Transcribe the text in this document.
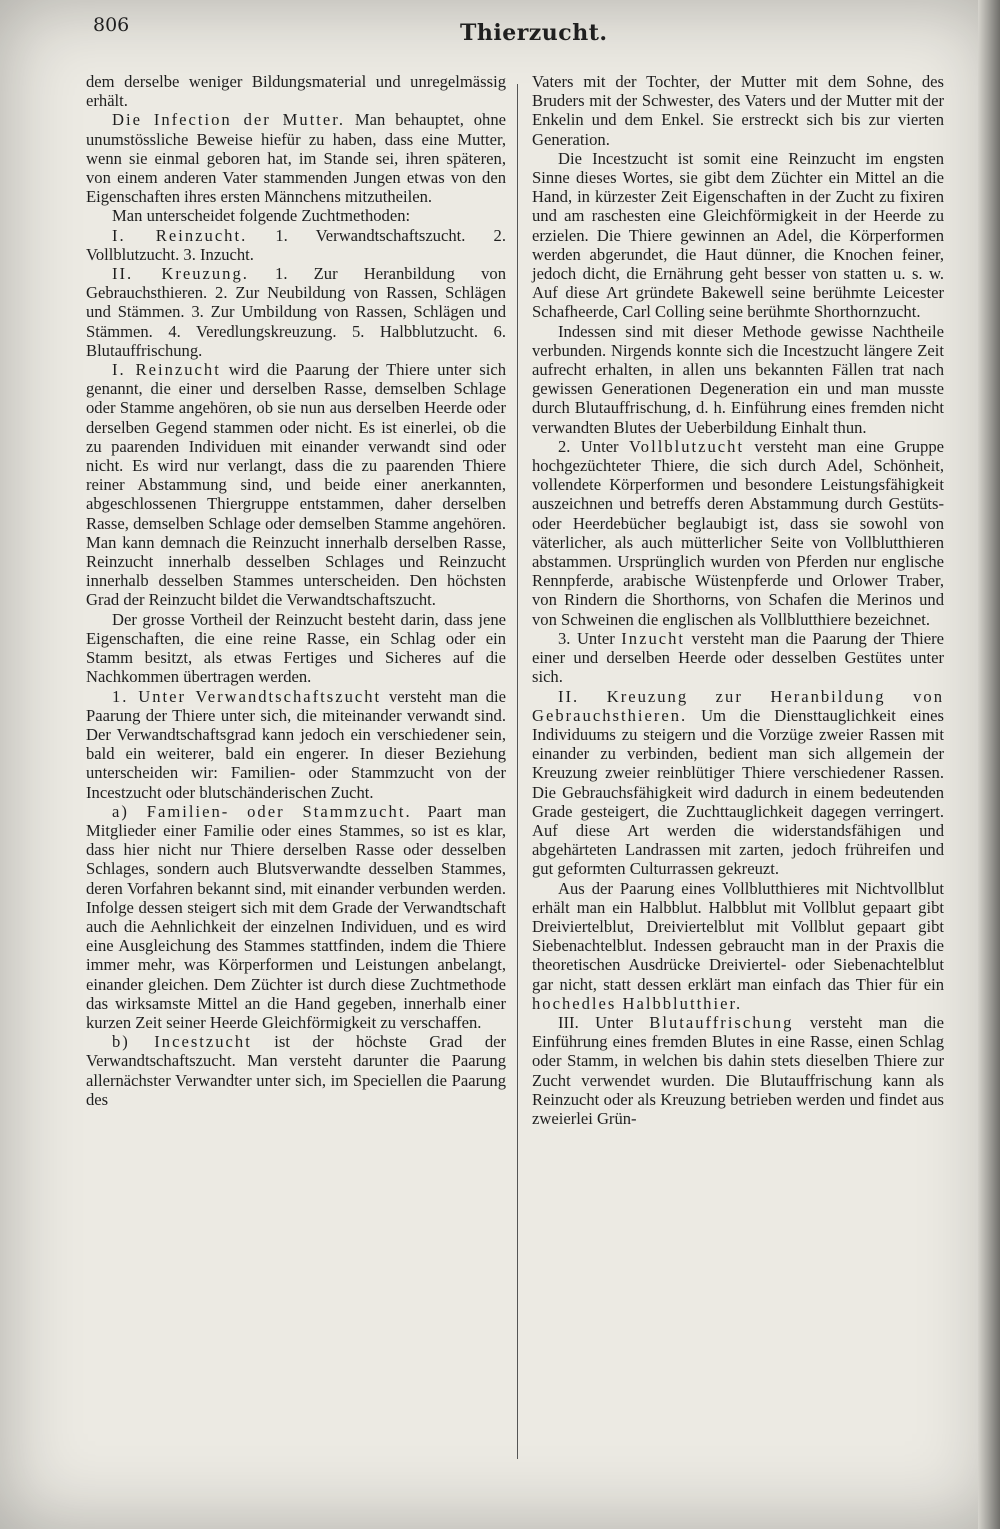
806	Thierzucht.

dem derselbe weniger Bildungsmaterial und unregelmässig erhält.

Die Infection der Mutter. Man behauptet, ohne unumstössliche Beweise hiefür zu haben, dass eine Mutter, wenn sie einmal geboren hat, im Stande sei, ihren späteren, von einem anderen Vater stammenden Jungen etwas von den Eigenschaften ihres ersten Männchens mitzutheilen.

Man unterscheidet folgende Zuchtmethoden:

I. Reinzucht. 1. Verwandtschaftszucht. 2. Vollblutzucht. 3. Inzucht.

II. Kreuzung. 1. Zur Heranbildung von Gebrauchsthieren. 2. Zur Neubildung von Rassen, Schlägen und Stämmen. 3. Zur Umbildung von Rassen, Schlägen und Stämmen. 4. Veredlungskreuzung. 5. Halbblutzucht. 6. Blutauffrischung.

I. Reinzucht wird die Paarung der Thiere unter sich genannt, die einer und derselben Rasse, demselben Schlage oder Stamme angehören, ob sie nun aus derselben Heerde oder derselben Gegend stammen oder nicht. Es ist einerlei, ob die zu paarenden Individuen mit einander verwandt sind oder nicht. Es wird nur verlangt, dass die zu paarenden Thiere reiner Abstammung sind, und beide einer anerkannten, abgeschlossenen Thiergruppe entstammen, daher derselben Rasse, demselben Schlage oder demselben Stamme angehören. Man kann demnach die Reinzucht innerhalb derselben Rasse, Reinzucht innerhalb desselben Schlages und Reinzucht innerhalb desselben Stammes unterscheiden. Den höchsten Grad der Reinzucht bildet die Verwandtschaftszucht.

Der grosse Vortheil der Reinzucht besteht darin, dass jene Eigenschaften, die eine reine Rasse, ein Schlag oder ein Stamm besitzt, als etwas Fertiges und Sicheres auf die Nachkommen übertragen werden.

1. Unter Verwandtschaftszucht versteht man die Paarung der Thiere unter sich, die miteinander verwandt sind. Der Verwandtschaftsgrad kann jedoch ein verschiedener sein, bald ein weiterer, bald ein engerer. In dieser Beziehung unterscheiden wir: Familien- oder Stammzucht von der Incestzucht oder blutschänderischen Zucht.

a) Familien- oder Stammzucht. Paart man Mitglieder einer Familie oder eines Stammes, so ist es klar, dass hier nicht nur Thiere derselben Rasse oder desselben Schlages, sondern auch Blutsverwandte desselben Stammes, deren Vorfahren bekannt sind, mit einander verbunden werden. Infolge dessen steigert sich mit dem Grade der Verwandtschaft auch die Aehnlichkeit der einzelnen Individuen, und es wird eine Ausgleichung des Stammes stattfinden, indem die Thiere immer mehr, was Körperformen und Leistungen anbelangt, einander gleichen. Dem Züchter ist durch diese Zuchtmethode das wirksamste Mittel an die Hand gegeben, innerhalb einer kurzen Zeit seiner Heerde Gleichförmigkeit zu verschaffen.

b) Incestzucht ist der höchste Grad der Verwandtschaftszucht. Man versteht darunter die Paarung allernächster Verwandter unter sich, im Speciellen die Paarung des

Vaters mit der Tochter, der Mutter mit dem Sohne, des Bruders mit der Schwester, des Vaters und der Mutter mit der Enkelin und dem Enkel. Sie erstreckt sich bis zur vierten Generation.

Die Incestzucht ist somit eine Reinzucht im engsten Sinne dieses Wortes, sie gibt dem Züchter ein Mittel an die Hand, in kürzester Zeit Eigenschaften in der Zucht zu fixiren und am raschesten eine Gleichförmigkeit in der Heerde zu erzielen. Die Thiere gewinnen an Adel, die Körperformen werden abgerundet, die Haut dünner, die Knochen feiner, jedoch dicht, die Ernährung geht besser von statten u. s. w. Auf diese Art gründete Bakewell seine berühmte Leicester Schafheerde, Carl Colling seine berühmte Shorthornzucht.

Indessen sind mit dieser Methode gewisse Nachtheile verbunden. Nirgends konnte sich die Incestzucht längere Zeit aufrecht erhalten, in allen uns bekannten Fällen trat nach gewissen Generationen Degeneration ein und man musste durch Blutauffrischung, d. h. Einführung eines fremden nicht verwandten Blutes der Ueberbildung Einhalt thun.

2. Unter Vollblutzucht versteht man eine Gruppe hochgezüchteter Thiere, die sich durch Adel, Schönheit, vollendete Körperformen und besondere Leistungsfähigkeit auszeichnen und betreffs deren Abstammung durch Gestüts- oder Heerdebücher beglaubigt ist, dass sie sowohl von väterlicher, als auch mütterlicher Seite von Vollblutthieren abstammen. Ursprünglich wurden von Pferden nur englische Rennpferde, arabische Wüstenpferde und Orlower Traber, von Rindern die Shorthorns, von Schafen die Merinos und von Schweinen die englischen als Vollblutthiere bezeichnet.

3. Unter Inzucht versteht man die Paarung der Thiere einer und derselben Heerde oder desselben Gestütes unter sich.

II. Kreuzung zur Heranbildung von Gebrauchsthieren. Um die Diensttauglichkeit eines Individuums zu steigern und die Vorzüge zweier Rassen mit einander zu verbinden, bedient man sich allgemein der Kreuzung zweier reinblütiger Thiere verschiedener Rassen. Die Gebrauchsfähigkeit wird dadurch in einem bedeutenden Grade gesteigert, die Zuchttauglichkeit dagegen verringert. Auf diese Art werden die widerstandsfähigen und abgehärteten Landrassen mit zarten, jedoch frühreifen und gut geformten Culturrassen gekreuzt.

Aus der Paarung eines Vollblutthieres mit Nichtvollblut erhält man ein Halbblut. Halbblut mit Vollblut gepaart gibt Dreiviertelblut, Dreiviertelblut mit Vollblut gepaart gibt Siebenachtelblut. Indessen gebraucht man in der Praxis die theoretischen Ausdrücke Dreiviertel- oder Siebenachtelblut gar nicht, statt dessen erklärt man einfach das Thier für ein hochedles Halbblutthier.

III. Unter Blutauffrischung versteht man die Einführung eines fremden Blutes in eine Rasse, einen Schlag oder Stamm, in welchen bis dahin stets dieselben Thiere zur Zucht verwendet wurden. Die Blutauffrischung kann als Reinzucht oder als Kreuzung betrieben werden und findet aus zweierlei Grün-
